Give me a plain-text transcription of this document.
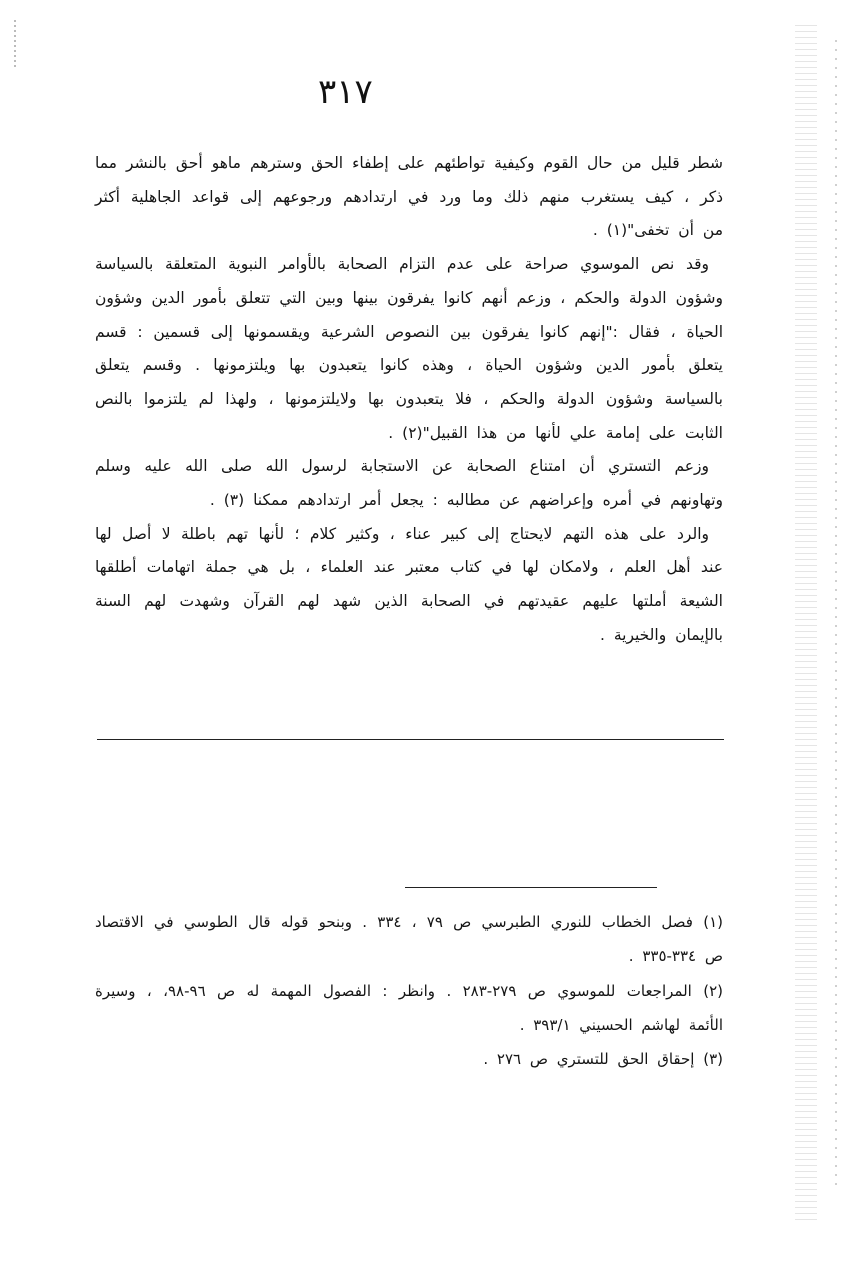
٣١٧

شطر قليل من حال القوم وكيفية تواطئهم على إطفاء الحق وسترهم ماهو أحق بالنشر مما ذكر ، كيف يستغرب منهم ذلك وما ورد في ارتدادهم ورجوعهم إلى قواعد الجاهلية أكثر من أن تخفى"(١) .

وقد نص الموسوي صراحة على عدم التزام الصحابة بالأوامر النبوية المتعلقة بالسياسة وشؤون الدولة والحكم ، وزعم أنهم كانوا يفرقون بينها وبين التي تتعلق بأمور الدين وشؤون الحياة ، فقال :"إنهم كانوا يفرقون بين النصوص الشرعية ويقسمونها إلى قسمين : قسم يتعلق بأمور الدين وشؤون الحياة ، وهذه كانوا يتعبدون بها ويلتزمونها . وقسم يتعلق بالسياسة وشؤون الدولة والحكم ، فلا يتعبدون بها ولايلتزمونها ، ولهذا لم يلتزموا بالنص الثابت على إمامة علي لأنها من هذا القبيل"(٢) .

وزعم التستري أن امتناع الصحابة عن الاستجابة لرسول الله صلى الله عليه وسلم وتهاونهم في أمره وإعراضهم عن مطالبه : يجعل أمر ارتدادهم ممكنا (٣) .

والرد على هذه التهم لايحتاج إلى كبير عناء ، وكثير كلام ؛ لأنها تهم باطلة لا أصل لها عند أهل العلم ، ولامكان لها في كتاب معتبر عند العلماء ، بل هي جملة اتهامات أطلقها الشيعة أملتها عليهم عقيدتهم في الصحابة الذين شهد لهم القرآن وشهدت لهم السنة بالإيمان والخيرية .

(١) فصل الخطاب للنوري الطبرسي ص ٧٩ ، ٣٣٤ . وبنحو قوله قال الطوسي في الاقتصاد ص ٣٣٤-٣٣٥ .

(٢) المراجعات للموسوي ص ٢٧٩-٢٨٣ . وانظر : الفصول المهمة له ص ٩٦-٩٨، ، وسيرة الأئمة لهاشم الحسيني ٣٩٣/١ .

(٣) إحقاق الحق للتستري ص ٢٧٦ .
